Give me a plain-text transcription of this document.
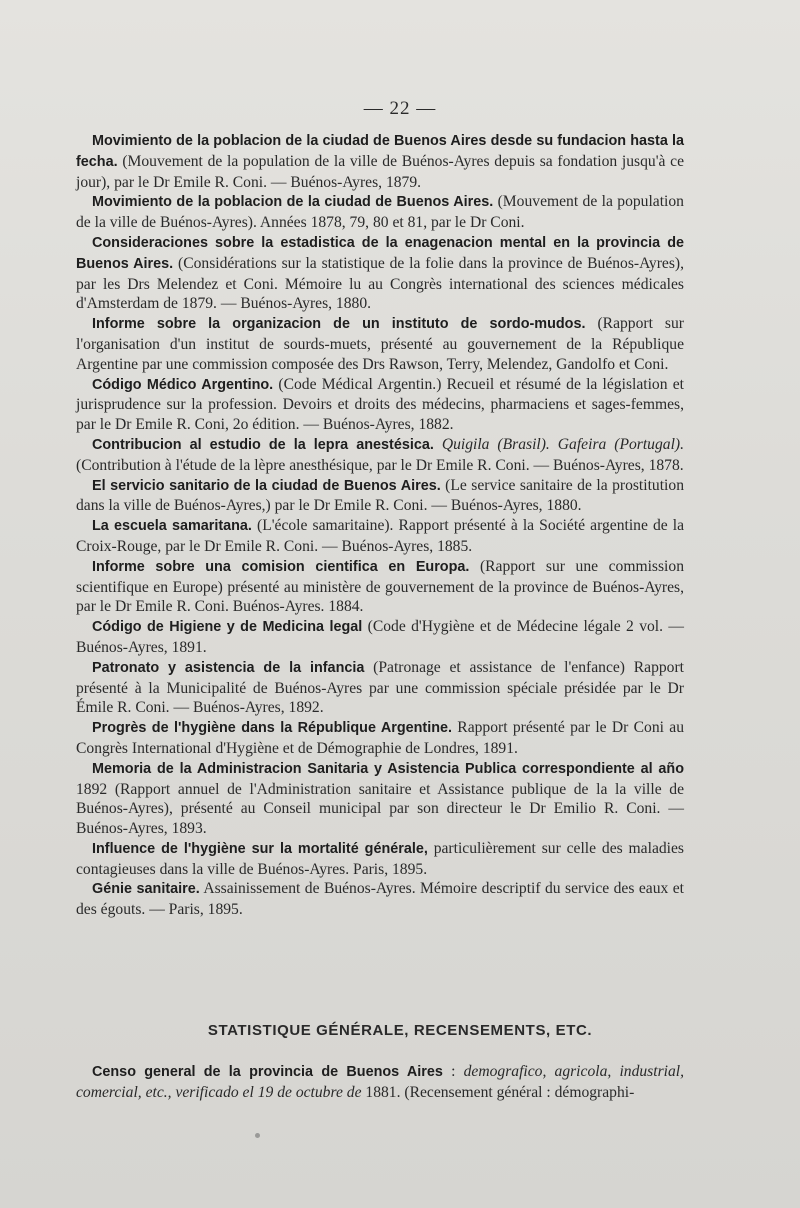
— 22 —

Movimiento de la poblacion de la ciudad de Buenos Aires desde su fundacion hasta la fecha. (Mouvement de la population de la ville de Buénos-Ayres depuis sa fondation jusqu'à ce jour), par le Dr Emile R. Coni. — Buénos-Ayres, 1879.

Movimiento de la poblacion de la ciudad de Buenos Aires. (Mouvement de la population de la ville de Buénos-Ayres). Années 1878, 79, 80 et 81, par le Dr Coni.

Consideraciones sobre la estadistica de la enagenacion mental en la provincia de Buenos Aires. (Considérations sur la statistique de la folie dans la province de Buénos-Ayres), par les Drs Melendez et Coni. Mémoire lu au Congrès international des sciences médicales d'Amsterdam de 1879. — Buénos-Ayres, 1880.

Informe sobre la organizacion de un instituto de sordo-mudos. (Rapport sur l'organisation d'un institut de sourds-muets, présenté au gouvernement de la République Argentine par une commission composée des Drs Rawson, Terry, Melendez, Gandolfo et Coni.

Código Médico Argentino. (Code Médical Argentin.) Recueil et résumé de la législation et jurisprudence sur la profession. Devoirs et droits des médecins, pharmaciens et sages-femmes, par le Dr Emile R. Coni, 2o édition. — Buénos-Ayres, 1882.

Contribucion al estudio de la lepra anestésica. Quigila (Brasil). Gafeira (Portugal). (Contribution à l'étude de la lèpre anesthésique, par le Dr Emile R. Coni. — Buénos-Ayres, 1878.

El servicio sanitario de la ciudad de Buenos Aires. (Le service sanitaire de la prostitution dans la ville de Buénos-Ayres,) par le Dr Emile R. Coni. — Buénos-Ayres, 1880.

La escuela samaritana. (L'école samaritaine). Rapport présenté à la Société argentine de la Croix-Rouge, par le Dr Emile R. Coni. — Buénos-Ayres, 1885.

Informe sobre una comision cientifica en Europa. (Rapport sur une commission scientifique en Europe) présenté au ministère de gouvernement de la province de Buénos-Ayres, par le Dr Emile R. Coni. Buénos-Ayres. 1884.

Código de Higiene y de Medicina legal (Code d'Hygiène et de Médecine légale 2 vol. — Buénos-Ayres, 1891.

Patronato y asistencia de la infancia (Patronage et assistance de l'enfance) Rapport présenté à la Municipalité de Buénos-Ayres par une commission spéciale présidée par le Dr Émile R. Coni. — Buénos-Ayres, 1892.

Progrès de l'hygiène dans la République Argentine. Rapport présenté par le Dr Coni au Congrès International d'Hygiène et de Démographie de Londres, 1891.

Memoria de la Administracion Sanitaria y Asistencia Publica correspondiente al año 1892 (Rapport annuel de l'Administration sanitaire et Assistance publique de la la ville de Buénos-Ayres), présenté au Conseil municipal par son directeur le Dr Emilio R. Coni. — Buénos-Ayres, 1893.

Influence de l'hygiène sur la mortalité générale, particulièrement sur celle des maladies contagieuses dans la ville de Buénos-Ayres. Paris, 1895.

Génie sanitaire. Assainissement de Buénos-Ayres. Mémoire descriptif du service des eaux et des égouts. — Paris, 1895.

STATISTIQUE GÉNÉRALE, RECENSEMENTS, ETC.

Censo general de la provincia de Buenos Aires : demografico, agricola, industrial, comercial, etc., verificado el 19 de octubre de 1881. (Recensement général : démographi-
